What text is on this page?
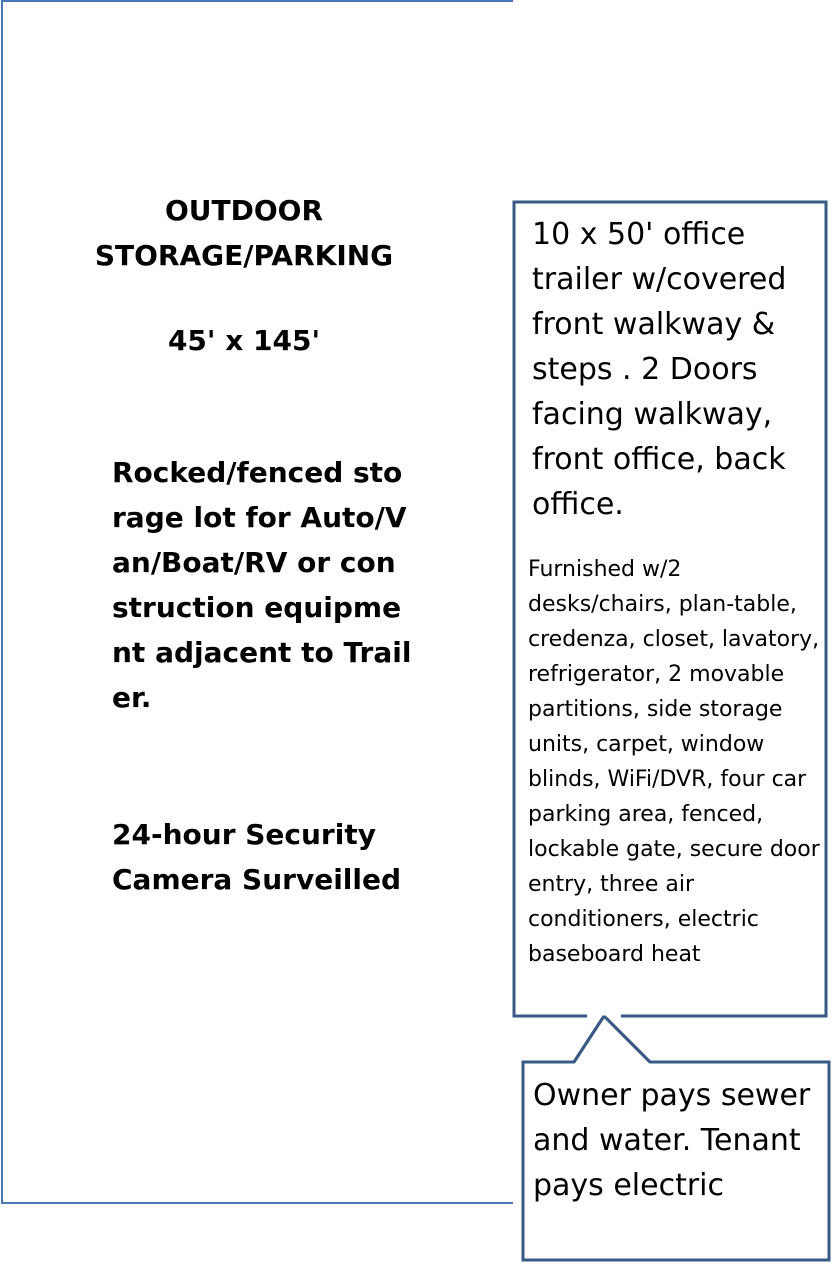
OUTDOOR STORAGE/PARKING
45' x 145'
Rocked/fenced storage lot for Auto/Van/Boat/RV or construction equipment adjacent to Trailer.
24-hour Security Camera Surveilled
10 x 50' office trailer w/covered front walkway & steps . 2 Doors facing walkway, front office, back office.
Furnished w/2 desks/chairs, plan-table, credenza, closet, lavatory, refrigerator, 2 movable partitions, side storage units, carpet, window blinds, WiFi/DVR, four car parking area, fenced, lockable gate, secure door entry, three air conditioners, electric baseboard heat
Owner pays sewer and water. Tenant pays electric
